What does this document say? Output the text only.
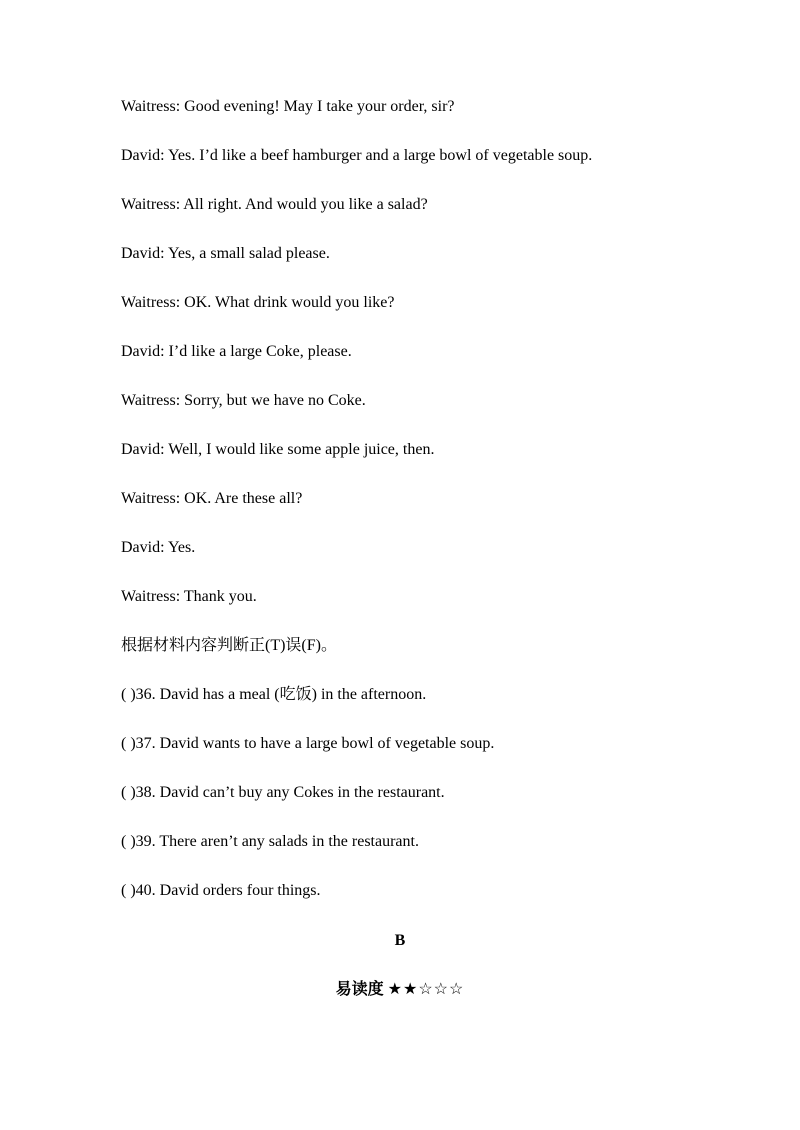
Waitress: Good evening! May I take your order, sir?
David: Yes. I’d like a beef hamburger and a large bowl of vegetable soup.
Waitress: All right. And would you like a salad?
David: Yes, a small salad please.
Waitress: OK. What drink would you like?
David: I’d like a large Coke, please.
Waitress: Sorry, but we have no Coke.
David: Well, I would like some apple juice, then.
Waitress: OK. Are these all?
David: Yes.
Waitress: Thank you.
根据材料内容判断正(T)误(F)。
( )36. David has a meal (吃饭) in the afternoon.
( )37. David wants to have a large bowl of vegetable soup.
( )38. David can’t buy any Cokes in the restaurant.
( )39. There aren’t any salads in the restaurant.
( )40. David orders four things.
B
易读度 ★★☆☆☆
